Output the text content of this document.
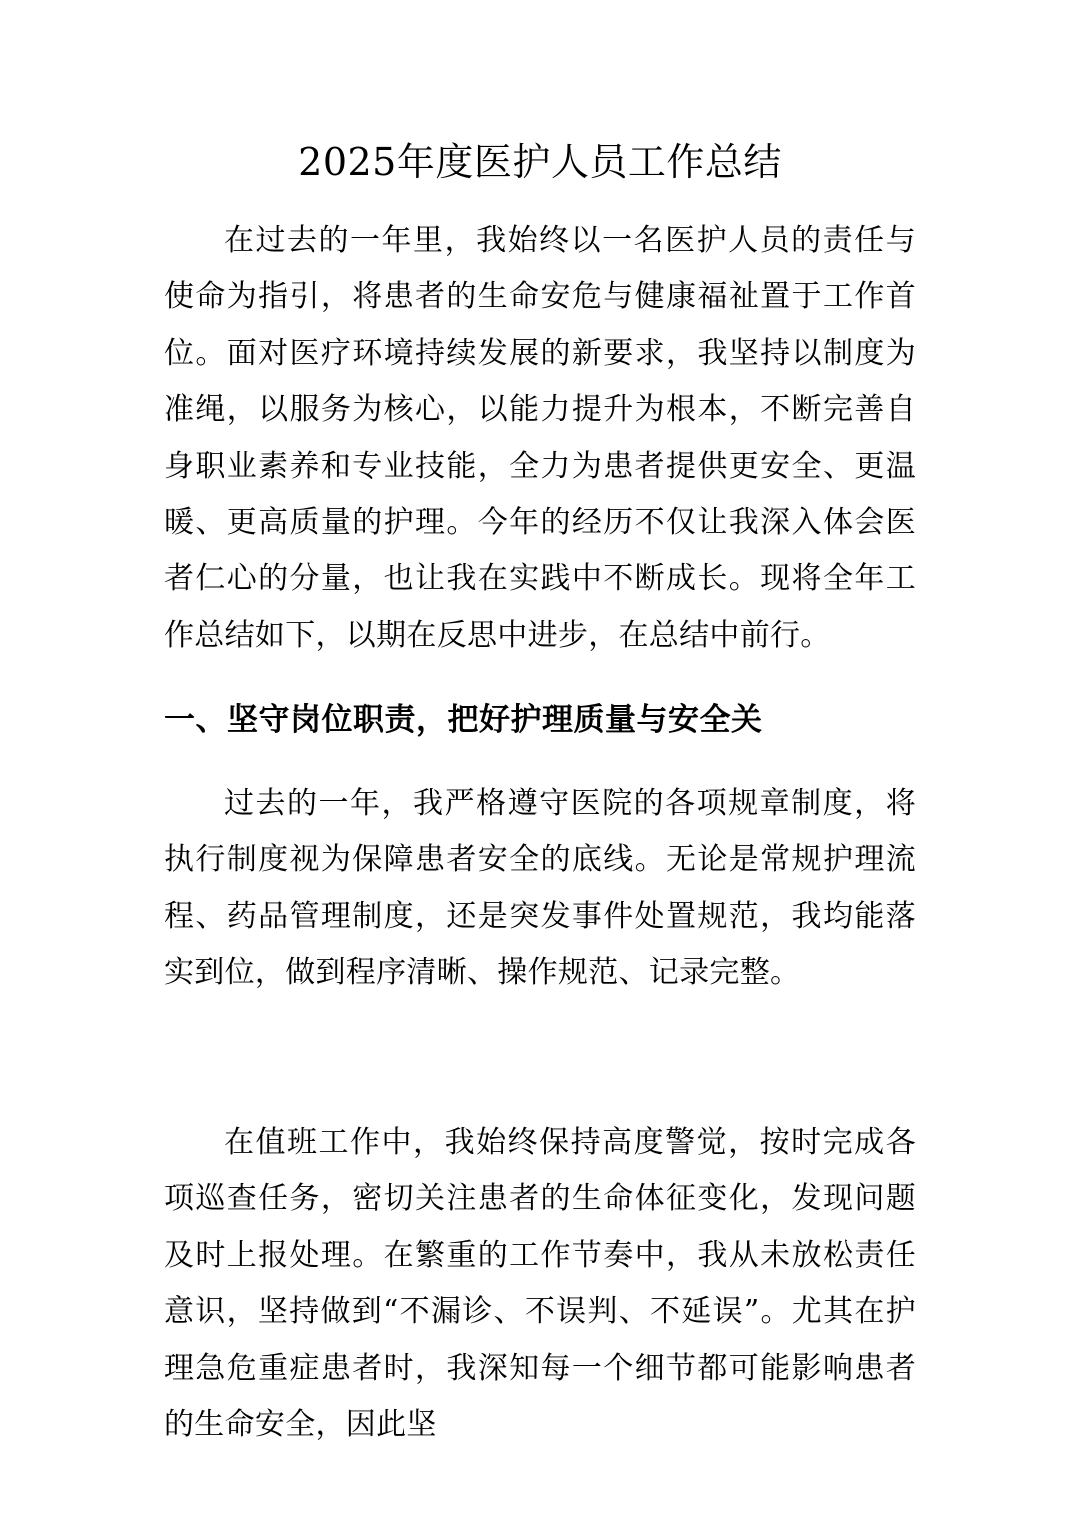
2025年度医护人员工作总结

在过去的一年里，我始终以一名医护人员的责任与使命为指引，将患者的生命安危与健康福祉置于工作首位。面对医疗环境持续发展的新要求，我坚持以制度为准绳，以服务为核心，以能力提升为根本，不断完善自身职业素养和专业技能，全力为患者提供更安全、更温暖、更高质量的护理。今年的经历不仅让我深入体会医者仁心的分量，也让我在实践中不断成长。现将全年工作总结如下，以期在反思中进步，在总结中前行。

一、坚守岗位职责，把好护理质量与安全关

过去的一年，我严格遵守医院的各项规章制度，将执行制度视为保障患者安全的底线。无论是常规护理流程、药品管理制度，还是突发事件处置规范，我均能落实到位，做到程序清晰、操作规范、记录完整。

在值班工作中，我始终保持高度警觉，按时完成各项巡查任务，密切关注患者的生命体征变化，发现问题及时上报处理。在繁重的工作节奏中，我从未放松责任意识，坚持做到“不漏诊、不误判、不延误”。尤其在护理急危重症患者时，我深知每一个细节都可能影响患者的生命安全，因此坚
